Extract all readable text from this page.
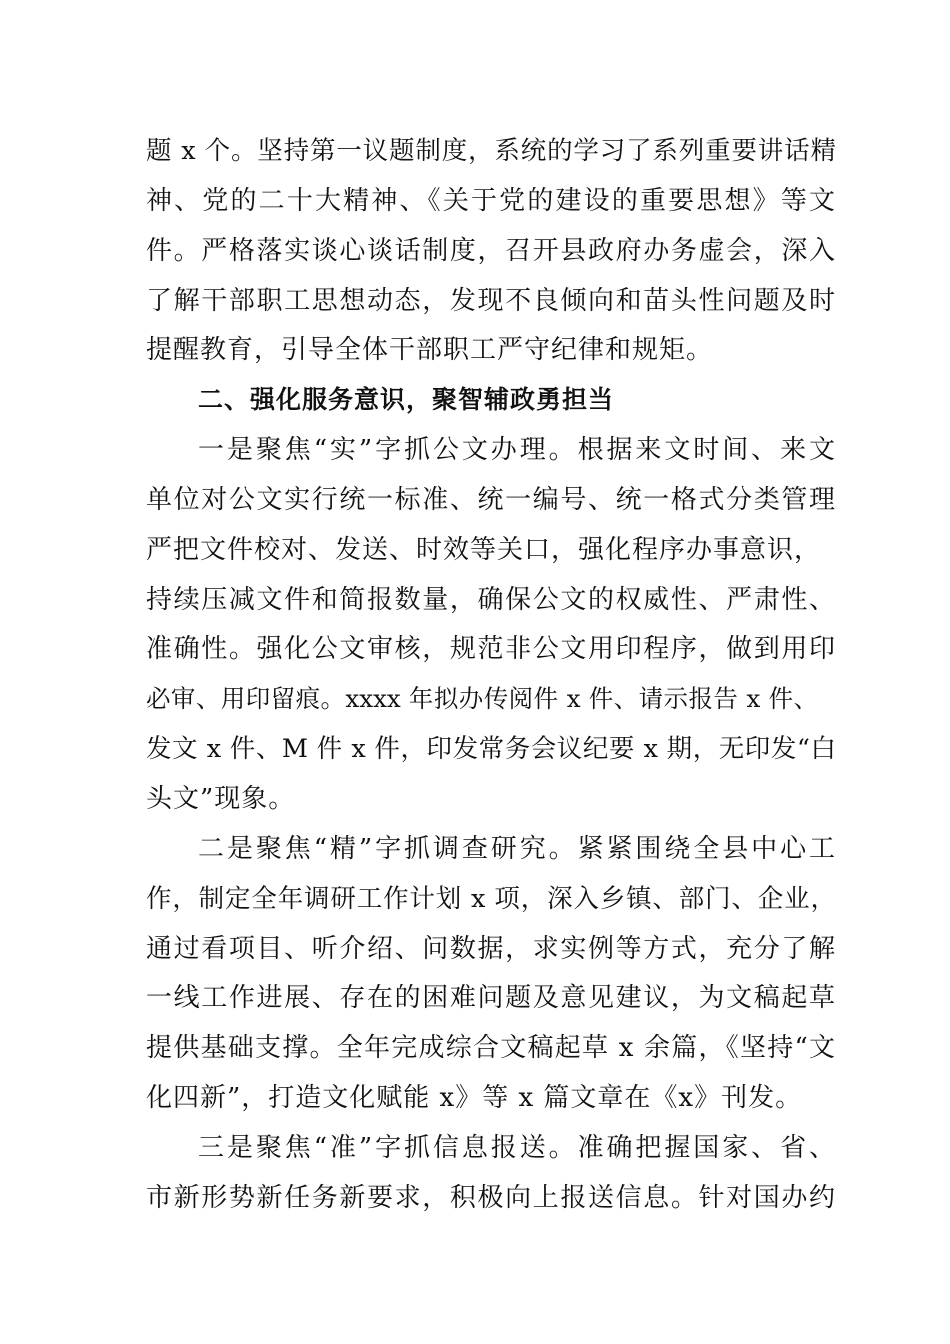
题 x 个。坚持第一议题制度，系统的学习了系列重要讲话精
神、党的二十大精神、《关于党的建设的重要思想》等文
件。严格落实谈心谈话制度，召开县政府办务虚会，深入
了解干部职工思想动态，发现不良倾向和苗头性问题及时
提醒教育，引导全体干部职工严守纪律和规矩。
二、强化服务意识，聚智辅政勇担当
一是聚焦“实”字抓公文办理。根据来文时间、来文
单位对公文实行统一标准、统一编号、统一格式分类管理
严把文件校对、发送、时效等关口，强化程序办事意识，
持续压减文件和简报数量，确保公文的权威性、严肃性、
准确性。强化公文审核，规范非公文用印程序，做到用印
必审、用印留痕。xxxx 年拟办传阅件 x 件、请示报告 x 件、
发文 x 件、M 件 x 件，印发常务会议纪要 x 期，无印发“白
头文”现象。
二是聚焦“精”字抓调查研究。紧紧围绕全县中心工
作，制定全年调研工作计划 x 项，深入乡镇、部门、企业，
通过看项目、听介绍、问数据，求实例等方式，充分了解
一线工作进展、存在的困难问题及意见建议，为文稿起草
提供基础支撑。全年完成综合文稿起草 x 余篇，《坚持“文
化四新”，打造文化赋能 x》等 x 篇文章在《x》刊发。
三是聚焦“准”字抓信息报送。准确把握国家、省、
市新形势新任务新要求，积极向上报送信息。针对国办约
